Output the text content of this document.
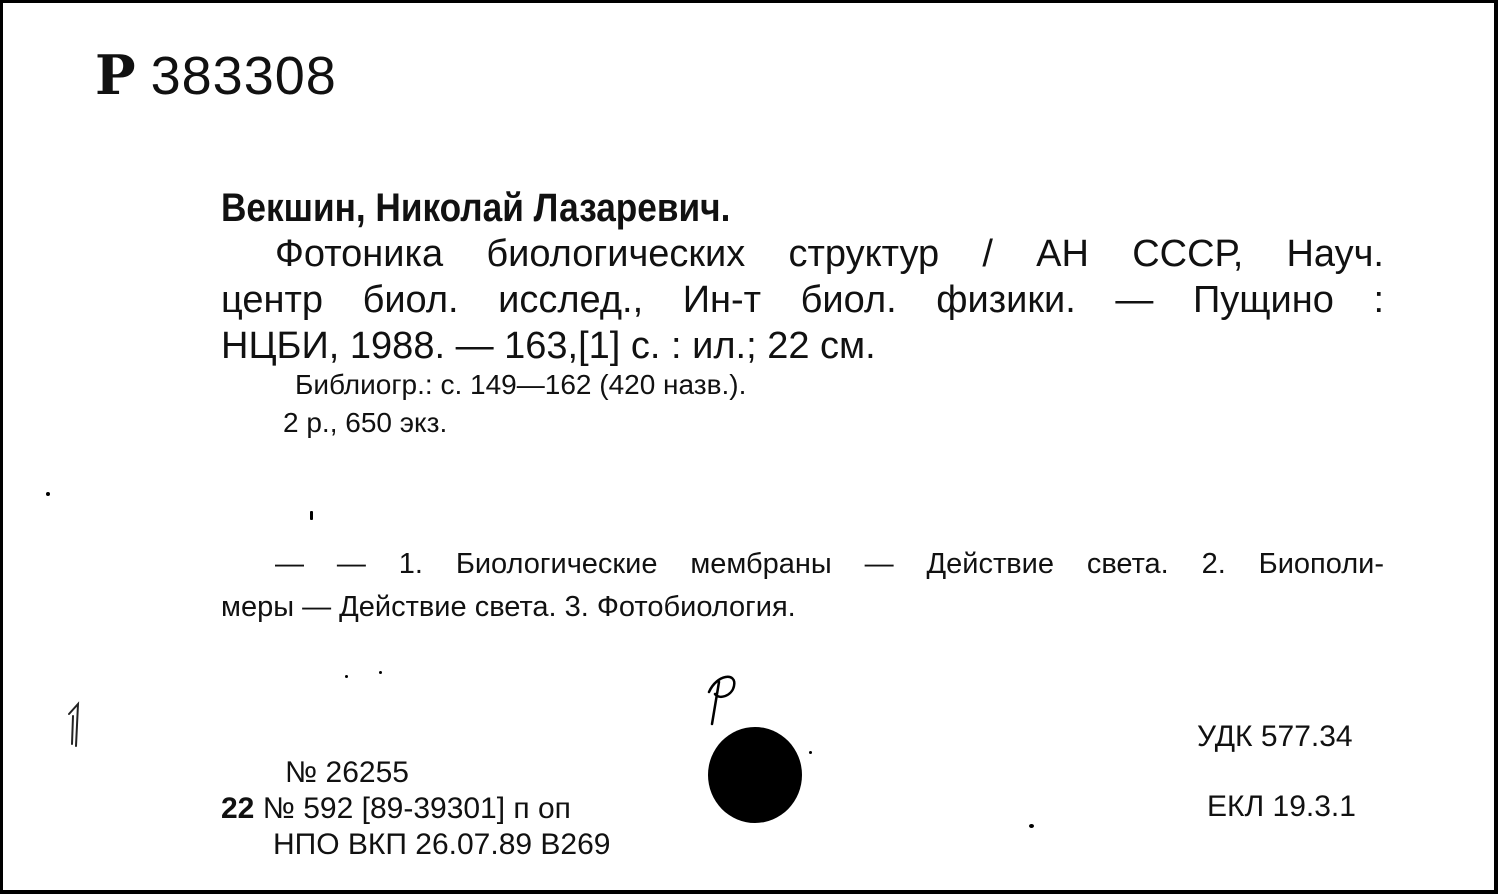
Р 383308
Векшин, Николай Лазаревич.
Фотоника биологических структур / АН СССР, Науч.
центр биол. исслед., Ин-т биол. физики. — Пущино :
НЦБИ, 1988. — 163,[1] с. : ил.; 22 см.
Библиогр.: с. 149—162 (420 назв.).
2 р., 650 экз.
— — 1. Биологические мембраны — Действие света. 2. Биополи-
меры — Действие света. 3. Фотобиология.
№ 26255
22 № 592 [89-39301] п оп
НПО ВКП 26.07.89 В269
УДК 577.34
ЕКЛ 19.3.1
